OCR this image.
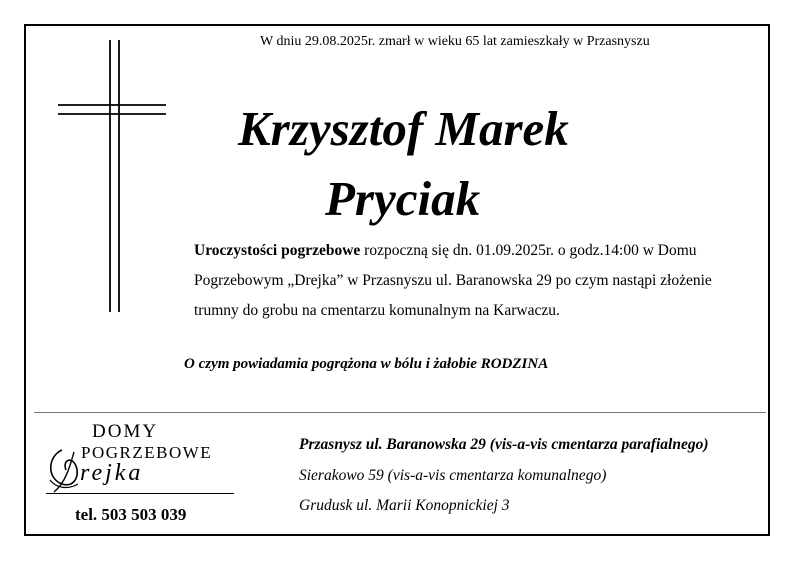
W dniu 29.08.2025r. zmarł w wieku 65 lat zamieszkały w Przasnyszu
Krzysztof Marek
Pryciak
Uroczystości pogrzebowe rozpoczną się dn. 01.09.2025r. o godz.14:00 w Domu Pogrzebowym „Drejka” w Przasnyszu ul. Baranowska 29 po czym nastąpi złożenie trumny do grobu na cmentarzu komunalnym na Karwaczu.
O czym powiadamia pogrążona w bólu i żałobie RODZINA
DOMY
POGRZEBOWE
rejka
tel. 503 503 039
Przasnysz ul. Baranowska 29 (vis-a-vis cmentarza parafialnego)
Sierakowo 59 (vis-a-vis cmentarza komunalnego)
Grudusk ul. Marii Konopnickiej 3
